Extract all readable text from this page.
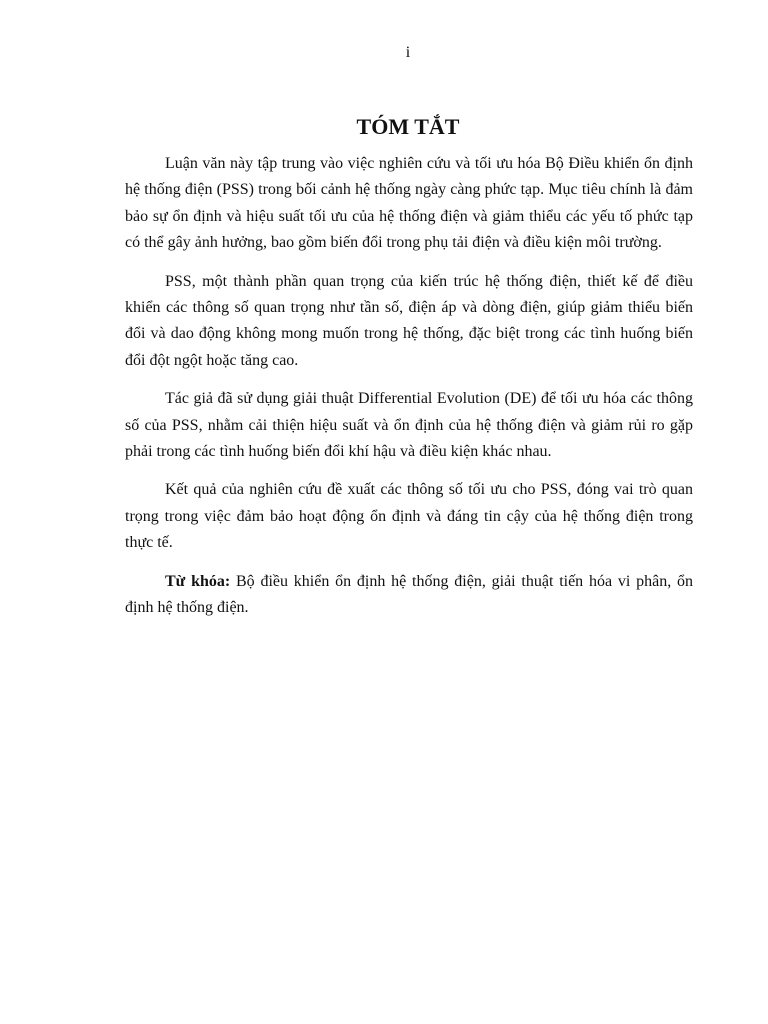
i
TÓM TẮT

Luận văn này tập trung vào việc nghiên cứu và tối ưu hóa Bộ Điều khiển ổn định hệ thống điện (PSS) trong bối cảnh hệ thống ngày càng phức tạp. Mục tiêu chính là đảm bảo sự ổn định và hiệu suất tối ưu của hệ thống điện và giảm thiểu các yếu tố phức tạp có thể gây ảnh hưởng, bao gồm biến đổi trong phụ tải điện và điều kiện môi trường.

PSS, một thành phần quan trọng của kiến trúc hệ thống điện, thiết kế để điều khiển các thông số quan trọng như tần số, điện áp và dòng điện, giúp giảm thiểu biến đổi và dao động không mong muốn trong hệ thống, đặc biệt trong các tình huống biến đổi đột ngột hoặc tăng cao.

Tác giả đã sử dụng giải thuật Differential Evolution (DE) để tối ưu hóa các thông số của PSS, nhằm cải thiện hiệu suất và ổn định của hệ thống điện và giảm rủi ro gặp phải trong các tình huống biến đổi khí hậu và điều kiện khác nhau.

Kết quả của nghiên cứu đề xuất các thông số tối ưu cho PSS, đóng vai trò quan trọng trong việc đảm bảo hoạt động ổn định và đáng tin cậy của hệ thống điện trong thực tế.

Từ khóa: Bộ điều khiển ổn định hệ thống điện, giải thuật tiến hóa vi phân, ổn định hệ thống điện.
